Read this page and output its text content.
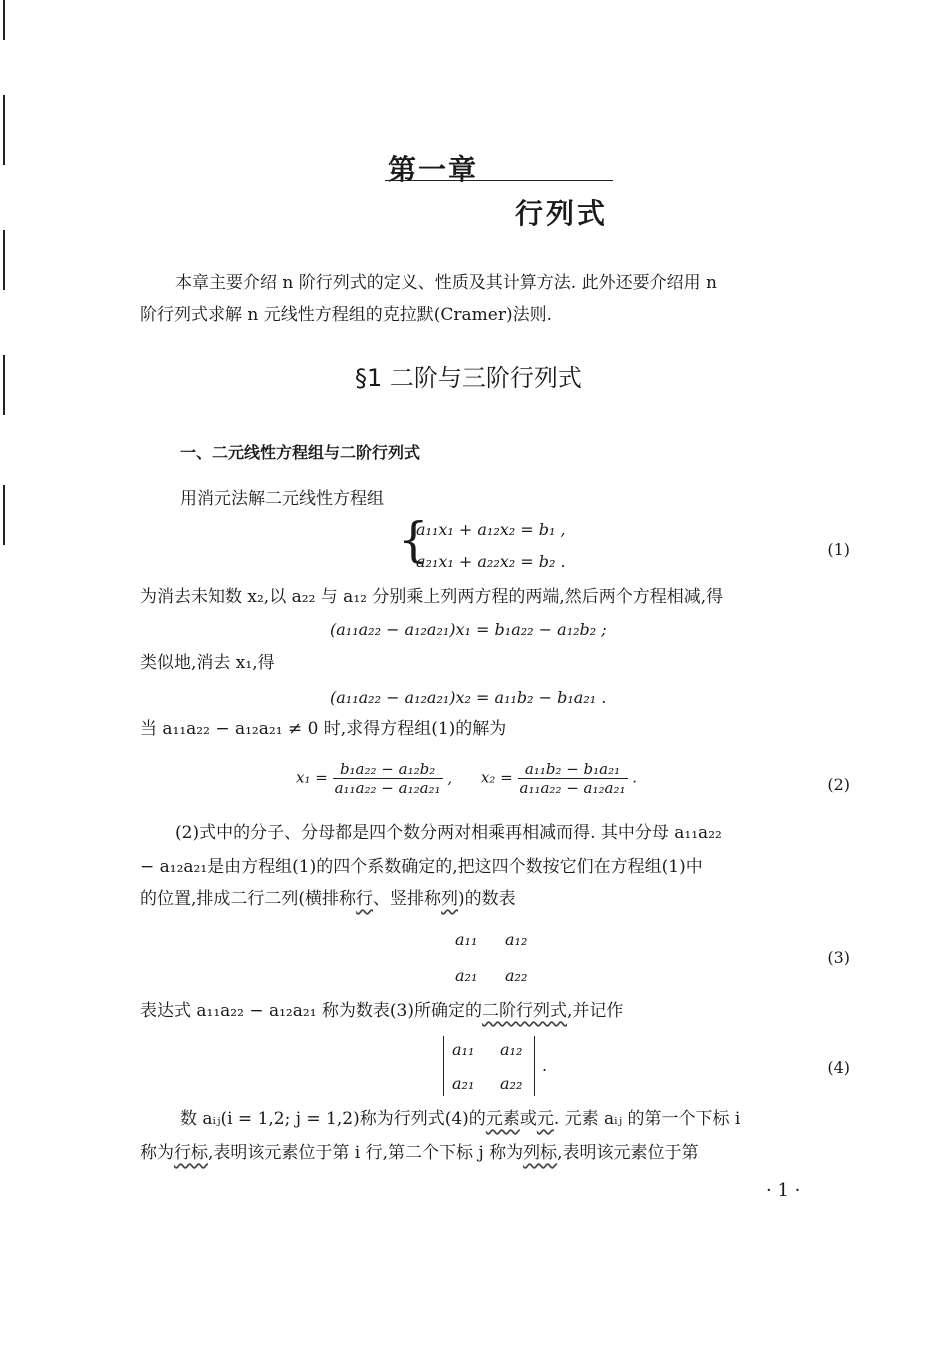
第一章
行列式
本章主要介绍 n 阶行列式的定义、性质及其计算方法. 此外还要介绍用 n
阶行列式求解 n 元线性方程组的克拉默(Cramer)法则.
§1 二阶与三阶行列式
一、二元线性方程组与二阶行列式
用消元法解二元线性方程组
{
a₁₁x₁ + a₁₂x₂ = b₁ ,
a₂₁x₁ + a₂₂x₂ = b₂ .
(1)
为消去未知数 x₂,以 a₂₂ 与 a₁₂ 分别乘上列两方程的两端,然后两个方程相减,得
(a₁₁a₂₂ − a₁₂a₂₁)x₁ = b₁a₂₂ − a₁₂b₂ ;
类似地,消去 x₁,得
(a₁₁a₂₂ − a₁₂a₂₁)x₂ = a₁₁b₂ − b₁a₂₁ .
当 a₁₁a₂₂ − a₁₂a₂₁ ≠ 0 时,求得方程组(1)的解为
$x_1 = \frac{\text{b₁a₂₂ − a₁₂b₂}}{\text{a₁₁a₂₂ − a₁₂a₂₁}}$ , $x_2 = \frac{\text{a₁₁b₂ − b₁a₂₁}}{\text{a₁₁a₂₂ − a₁₂a₂₁}}$ .	(2)
(2)式中的分子、分母都是四个数分两对相乘再相减而得. 其中分母 a₁₁a₂₂
− a₁₂a₂₁是由方程组(1)的四个系数确定的,把这四个数按它们在方程组(1)中
的位置,排成二行二列(横排称行、竖排称列)的数表
a₁₁ a₁₂
a₂₁ a₂₂
(3)
表达式 a₁₁a₂₂ − a₁₂a₂₁ 称为数表(3)所确定的二阶行列式,并记作
a₁₁ a₁₂
a₂₁ a₂₂
.	(4)
数 aᵢⱼ(i = 1,2; j = 1,2)称为行列式(4)的元素或元. 元素 aᵢⱼ 的第一个下标 i
称为行标,表明该元素位于第 i 行,第二个下标 j 称为列标,表明该元素位于第
· 1 ·
